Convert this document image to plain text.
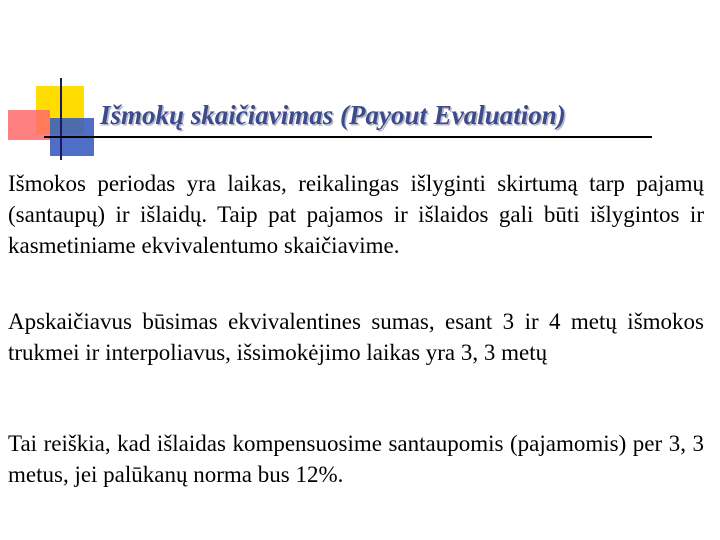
Išmokų skaičiavimas (Payout Evaluation)

Išmokos periodas yra laikas, reikalingas išlyginti skirtumą tarp pajamų (santaupų) ir išlaidų. Taip pat pajamos ir išlaidos gali būti išlygintos ir kasmetiniame ekvivalentumo skaičiavime.

Apskaičiavus būsimas ekvivalentines sumas, esant 3 ir 4 metų išmokos trukmei ir interpoliavus, išsimokėjimo laikas yra 3, 3 metų

Tai reiškia, kad išlaidas kompensuosime santaupomis (pajamomis) per 3, 3 metus, jei palūkanų norma bus 12%.
